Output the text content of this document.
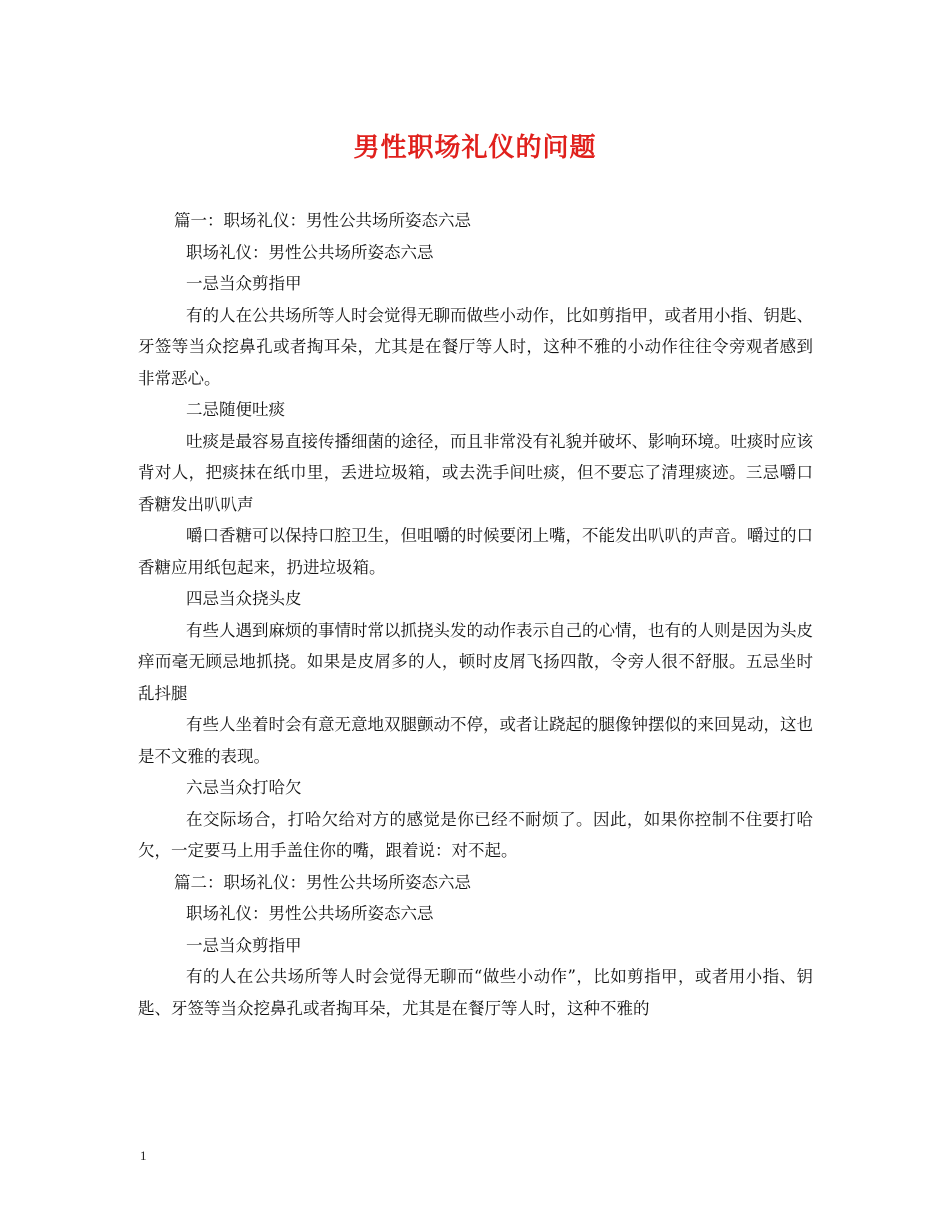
男性职场礼仪的问题

篇一：职场礼仪：男性公共场所姿态六忌

职场礼仪：男性公共场所姿态六忌

一忌当众剪指甲

有的人在公共场所等人时会觉得无聊而做些小动作，比如剪指甲，或者用小指、钥匙、牙签等当众挖鼻孔或者掏耳朵，尤其是在餐厅等人时，这种不雅的小动作往往令旁观者感到非常恶心。

二忌随便吐痰

吐痰是最容易直接传播细菌的途径，而且非常没有礼貌并破坏、影响环境。吐痰时应该背对人，把痰抹在纸巾里，丢进垃圾箱，或去洗手间吐痰，但不要忘了清理痰迹。三忌嚼口香糖发出叭叭声

嚼口香糖可以保持口腔卫生，但咀嚼的时候要闭上嘴，不能发出叭叭的声音。嚼过的口香糖应用纸包起来，扔进垃圾箱。

四忌当众挠头皮

有些人遇到麻烦的事情时常以抓挠头发的动作表示自己的心情，也有的人则是因为头皮痒而毫无顾忌地抓挠。如果是皮屑多的人，顿时皮屑飞扬四散，令旁人很不舒服。五忌坐时乱抖腿

有些人坐着时会有意无意地双腿颤动不停，或者让跷起的腿像钟摆似的来回晃动，这也是不文雅的表现。

六忌当众打哈欠

在交际场合，打哈欠给对方的感觉是你已经不耐烦了。因此，如果你控制不住要打哈欠，一定要马上用手盖住你的嘴，跟着说：对不起。

篇二：职场礼仪：男性公共场所姿态六忌

职场礼仪：男性公共场所姿态六忌

一忌当众剪指甲

有的人在公共场所等人时会觉得无聊而“做些小动作”，比如剪指甲，或者用小指、钥匙、牙签等当众挖鼻孔或者掏耳朵，尤其是在餐厅等人时，这种不雅的

1
